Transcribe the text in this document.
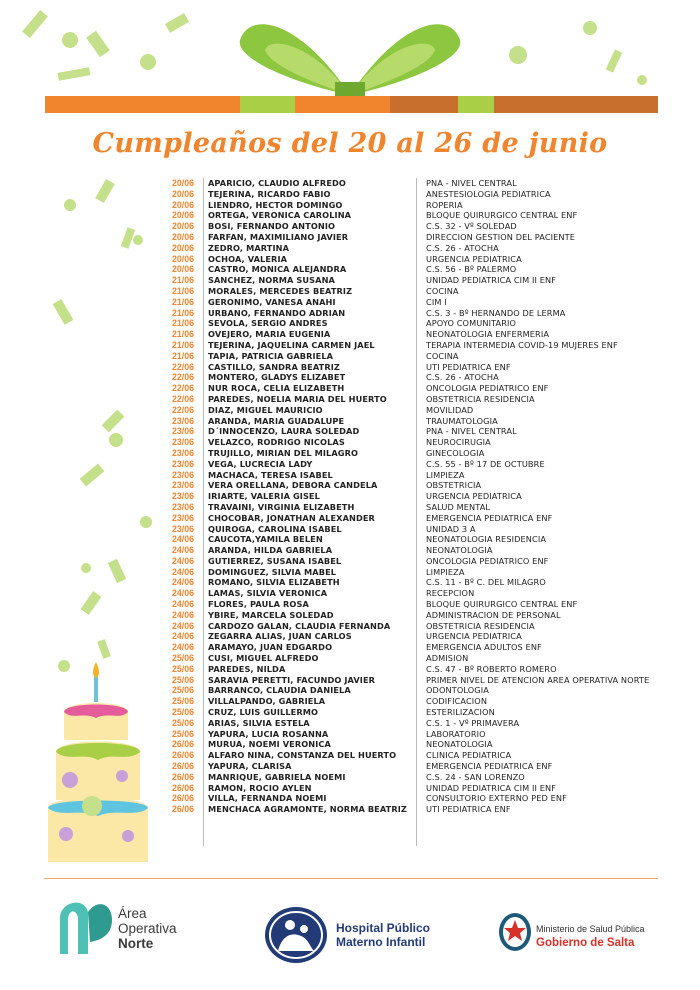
Cumpleaños del 20 al 26 de junio
20/06	APARICIO, CLAUDIO ALFREDO	PNA - NIVEL CENTRAL
20/06	TEJERINA, RICARDO FABIO	ANESTESIOLOGIA PEDIATRICA
20/06	LIENDRO, HECTOR DOMINGO	ROPERIA
20/06	ORTEGA, VERONICA CAROLINA	BLOQUE QUIRURGICO CENTRAL ENF
20/06	BOSI, FERNANDO ANTONIO	C.S. 32 - Vº SOLEDAD
20/06	FARFAN, MAXIMILIANO JAVIER	DIRECCION GESTION DEL PACIENTE
20/06	ZEDRO, MARTINA	C.S. 26 - ATOCHA
20/06	OCHOA, VALERIA	URGENCIA PEDIATRICA
20/06	CASTRO, MONICA ALEJANDRA	C.S. 56 - Bº PALERMO
21/06	SANCHEZ, NORMA SUSANA	UNIDAD PEDIATRICA CIM II ENF
21/06	MORALES, MERCEDES BEATRIZ	COCINA
21/06	GERONIMO, VANESA ANAHI	CIM I
21/06	URBANO, FERNANDO ADRIAN	C.S. 3 - Bº HERNANDO DE LERMA
21/06	SEVOLA, SERGIO ANDRES	APOYO COMUNITARIO
21/06	OVEJERO, MARIA EUGENIA	NEONATOLOGIA ENFERMERIA
21/06	TEJERINA, JAQUELINA CARMEN JAEL	TERAPIA INTERMEDIA COVID-19 MUJERES ENF
21/06	TAPIA, PATRICIA GABRIELA	COCINA
22/06	CASTILLO, SANDRA BEATRIZ	UTI PEDIATRICA ENF
22/06	MONTERO, GLADYS ELIZABET	C.S. 26 - ATOCHA
22/06	NUR ROCA, CELIA ELIZABETH	ONCOLOGIA PEDIATRICO ENF
22/06	PAREDES, NOELIA MARIA DEL HUERTO	OBSTETRICIA RESIDENCIA
22/06	DIAZ, MIGUEL MAURICIO	MOVILIDAD
23/06	ARANDA, MARIA GUADALUPE	TRAUMATOLOGIA
23/06	D´INNOCENZO, LAURA SOLEDAD	PNA - NIVEL CENTRAL
23/06	VELAZCO, RODRIGO NICOLAS	NEUROCIRUGIA
23/06	TRUJILLO, MIRIAN DEL MILAGRO	GINECOLOGIA
23/06	VEGA, LUCRECIA LADY	C.S. 55 - Bº 17 DE OCTUBRE
23/06	MACHACA, TERESA ISABEL	LIMPIEZA
23/06	VERA ORELLANA, DEBORA CANDELA	OBSTETRICIA
23/06	IRIARTE, VALERIA GISEL	URGENCIA PEDIATRICA
23/06	TRAVAINI, VIRGINIA ELIZABETH	SALUD MENTAL
23/06	CHOCOBAR, JONATHAN ALEXANDER	EMERGENCIA PEDIATRICA ENF
23/06	QUIROGA, CAROLINA ISABEL	UNIDAD 3 A
24/06	CAUCOTA,YAMILA BELEN	NEONATOLOGIA RESIDENCIA
24/06	ARANDA, HILDA GABRIELA	NEONATOLOGIA
24/06	GUTIERREZ, SUSANA ISABEL	ONCOLOGIA PEDIATRICO ENF
24/06	DOMINGUEZ, SILVIA MABEL	LIMPIEZA
24/06	ROMANO, SILVIA ELIZABETH	C.S. 11 - Bº C. DEL MILAGRO
24/06	LAMAS, SILVIA VERONICA	RECEPCION
24/06	FLORES, PAULA ROSA	BLOQUE QUIRURGICO CENTRAL ENF
24/06	YBIRE, MARCELA SOLEDAD	ADMINISTRACION DE PERSONAL
24/06	CARDOZO GALAN, CLAUDIA FERNANDA	OBSTETRICIA RESIDENCIA
24/06	ZEGARRA ALIAS, JUAN CARLOS	URGENCIA PEDIATRICA
24/06	ARAMAYO, JUAN EDGARDO	EMERGENCIA ADULTOS ENF
25/06	CUSI, MIGUEL ALFREDO	ADMISION
25/06	PAREDES, NILDA	C.S. 47 - Bº ROBERTO ROMERO
25/06	SARAVIA PERETTI, FACUNDO JAVIER	PRIMER NIVEL DE ATENCION AREA OPERATIVA NORTE
25/06	BARRANCO, CLAUDIA DANIELA	ODONTOLOGIA
25/06	VILLALPANDO, GABRIELA	CODIFICACION
25/06	CRUZ, LUIS GUILLERMO	ESTERILIZACION
25/06	ARIAS, SILVIA ESTELA	C.S. 1 - Vº PRIMAVERA
25/06	YAPURA, LUCIA ROSANNA	LABORATORIO
26/06	MURUA, NOEMI VERONICA	NEONATOLOGIA
26/06	ALFARO NINA, CONSTANZA DEL HUERTO	CLINICA PEDIATRICA
26/06	YAPURA, CLARISA	EMERGENCIA PEDIATRICA ENF
26/06	MANRIQUE, GABRIELA NOEMI	C.S. 24 - SAN LORENZO
26/06	RAMON, ROCIO AYLEN	UNIDAD PEDIATRICA CIM II ENF
26/06	VILLA, FERNANDA NOEMI	CONSULTORIO EXTERNO PED ENF
26/06	MENCHACA AGRAMONTE, NORMA BEATRIZ	UTI PEDIATRICA ENF
Área
Operativa
Norte
Hospital Público
Materno Infantil
Ministerio de Salud Pública
Gobierno de Salta
